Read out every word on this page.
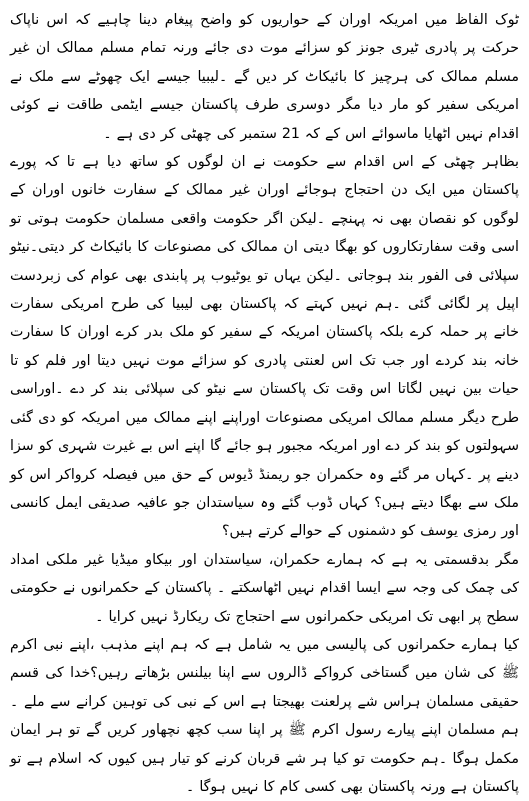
ٹوک الفاظ میں امریکہ اوران کے حواریوں کو واضح پیغام دینا چاہیے کہ اس ناپاک حرکت پر پادری ٹیری جونز کو سزائے موت دی جائے ورنہ تمام مسلم ممالک ان غیر مسلم ممالک کی ہرچیز کا بائیکاٹ کر دیں گے ۔لیبیا جیسے ایک چھوٹے سے ملک نے امریکی سفیر کو مار دیا مگر دوسری طرف پاکستان جیسے ایٹمی طاقت نے کوئی اقدام نہیں اٹھایا ماسوائے اس کے کہ 21 ستمبر کی چھٹی کر دی ہے ۔

بظاہر چھٹی کے اس اقدام سے حکومت نے ان لوگوں کو ساتھ دیا ہے تا کہ پورے پاکستان میں ایک دن احتجاج ہوجائے اوران غیر ممالک کے سفارت خانوں اوران کے لوگوں کو نقصان بھی نہ پہنچے ۔لیکن اگر حکومت واقعی مسلمان حکومت ہوتی تو اسی وقت سفارتکاروں کو بھگا دیتی ان ممالک کی مصنوعات کا بائیکاٹ کر دیتی۔نیٹو سپلائی فی الفور بند ہوجاتی ۔لیکن یہاں تو یوٹیوب پر پابندی بھی عوام کی زبردست اپیل پر لگائی گئی ۔ہم نہیں کہتے کہ پاکستان بھی لیبیا کی طرح امریکی سفارت خانے پر حملہ کرے بلکہ پاکستان امریکہ کے سفیر کو ملک بدر کرے اوران کا سفارت خانہ بند کردے اور جب تک اس لعنتی پادری کو سزائے موت نہیں دیتا اور فلم کو تا حیات بین نہیں لگاتا اس وقت تک پاکستان سے نیٹو کی سپلائی بند کر دے ۔اوراسی طرح دیگر مسلم ممالک امریکی مصنوعات اوراپنے اپنے ممالک میں امریکہ کو دی گئی سہولتوں کو بند کر دے اور امریکہ مجبور ہو جائے گا اپنے اس بے غیرت شہری کو سزا دینے پر ۔کہاں مر گئے وہ حکمران جو ریمنڈ ڈیوس کے حق میں فیصلہ کرواکر اس کو ملک سے بھگا دیتے ہیں؟ کہاں ڈوب گئے وہ سیاستدان جو عافیہ صدیقی ایمل کانسی اور رمزی یوسف کو دشمنوں کے حوالے کرتے ہیں؟

مگر بدقسمتی یہ ہے کہ ہمارے حکمران، سیاستدان اور بیکاو میڈیا غیر ملکی امداد کی چمک کی وجہ سے ایسا اقدام نہیں اٹھاسکتے ۔ پاکستان کے حکمرانوں نے حکومتی سطح پر ابھی تک امریکی حکمرانوں سے احتجاج تک ریکارڈ نہیں کرایا ۔

کیا ہمارے حکمرانوں کی پالیسی میں یہ شامل ہے کہ ہم اپنے مذہب ،اپنے نبی اکرم ﷺ کی شان میں گستاخی کرواکے ڈالروں سے اپنا بیلنس بڑھاتے رہیں؟خدا کی قسم حقیقی مسلمان ہراس شے پرلعنت بھیجتا ہے اس کے نبی کی توہین کرانے سے ملے ۔ہم مسلمان اپنے پیارے رسول اکرم ﷺ پر اپنا سب کچھ نچھاور کریں گے تو ہر ایمان مکمل ہوگا ۔ہم حکومت تو کیا ہر شے قربان کرنے کو تیار ہیں کیوں کہ اسلام ہے تو پاکستان ہے ورنہ پاکستان بھی کسی کام کا نہیں ہوگا ۔
